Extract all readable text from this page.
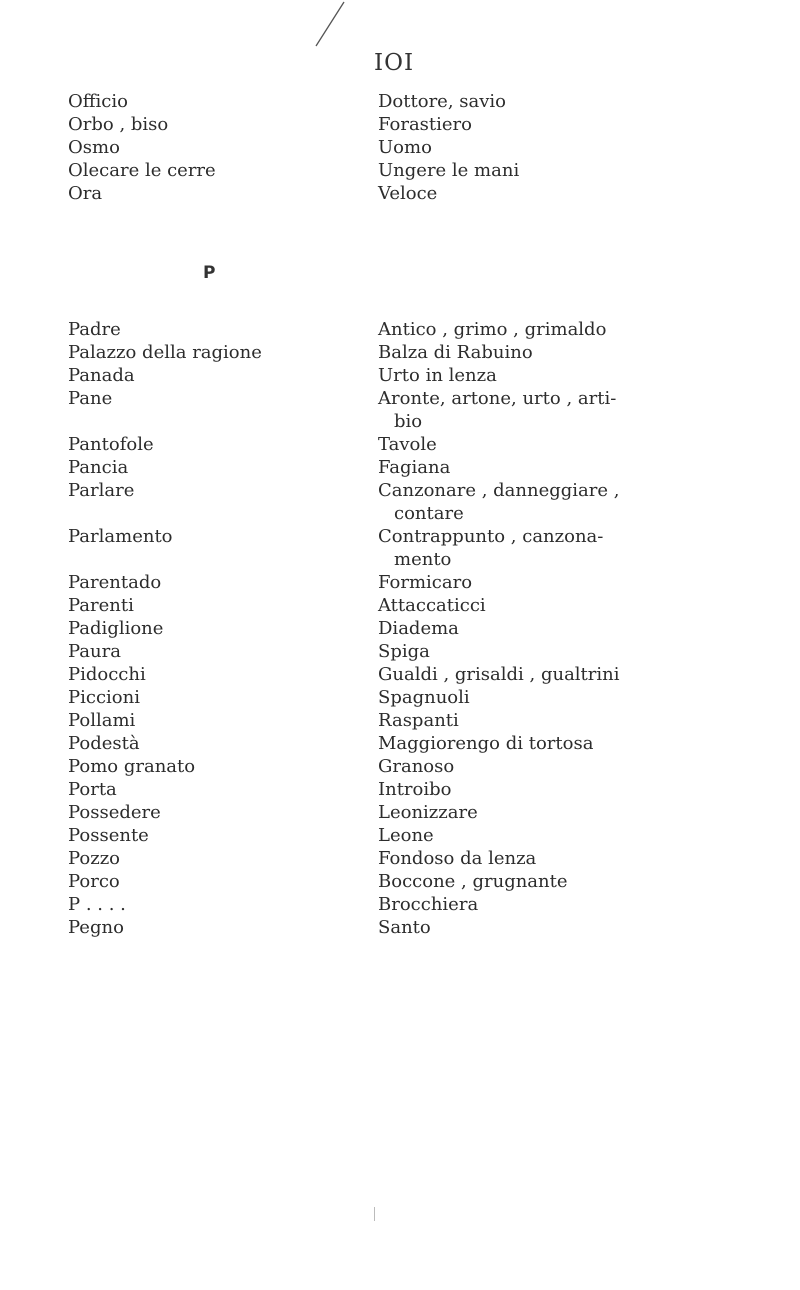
IOI
Officio
Orbo , biso
Osmo
Olecare le cerre
Ora
Dottore, savio
Forastiero
Uomo
Ungere le mani
Veloce
P
Padre
Palazzo della ragione
Panada
Pane
Pantofole
Pancia
Parlare
Parlamento
Parentado
Parenti
Padiglione
Paura
Pidocchi
Piccioni
Pollami
Podestà
Pomo granato
Porta
Possedere
Possente
Pozzo
Porco
P . . . .
Pegno
Antico , grimo , grimaldo
Balza di Rabuino
Urto in lenza
Aronte, artone, urto , arti-
bio
Tavole
Fagiana
Canzonare , danneggiare ,
contare
Contrappunto , canzona-
mento
Formicaro
Attaccaticci
Diadema
Spiga
Gualdi , grisaldi , gualtrini
Spagnuoli
Raspanti
Maggiorengo di tortosa
Granoso
Introibo
Leonizzare
Leone
Fondoso da lenza
Boccone , grugnante
Brocchiera
Santo
